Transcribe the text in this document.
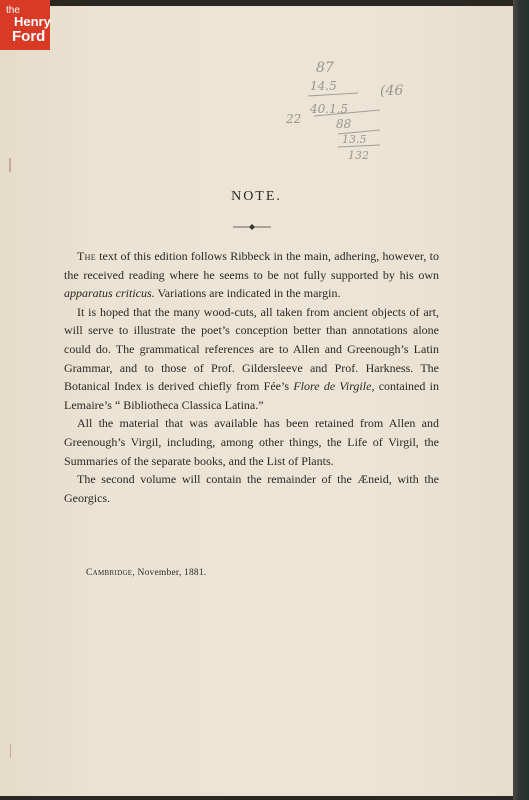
the
Henry
Ford
87
14.5
22
40.1.5
(46
88
13.5
132
NOTE.

The text of this edition follows Ribbeck in the main, adhering, however, to the received reading where he seems to be not fully supported by his own apparatus criticus. Variations are indicated in the margin.

It is hoped that the many wood-cuts, all taken from ancient objects of art, will serve to illustrate the poet’s conception better than annotations alone could do. The grammatical references are to Allen and Greenough’s Latin Grammar, and to those of Prof. Gildersleeve and Prof. Harkness. The Botanical Index is derived chiefly from Fée’s Flore de Virgile, contained in Lemaire’s “ Bibliotheca Classica Latina.”

All the material that was available has been retained from Allen and Greenough’s Virgil, including, among other things, the Life of Virgil, the Summaries of the separate books, and the List of Plants.

The second volume will contain the remainder of the Æneid, with the Georgics.

Cambridge, November, 1881.
